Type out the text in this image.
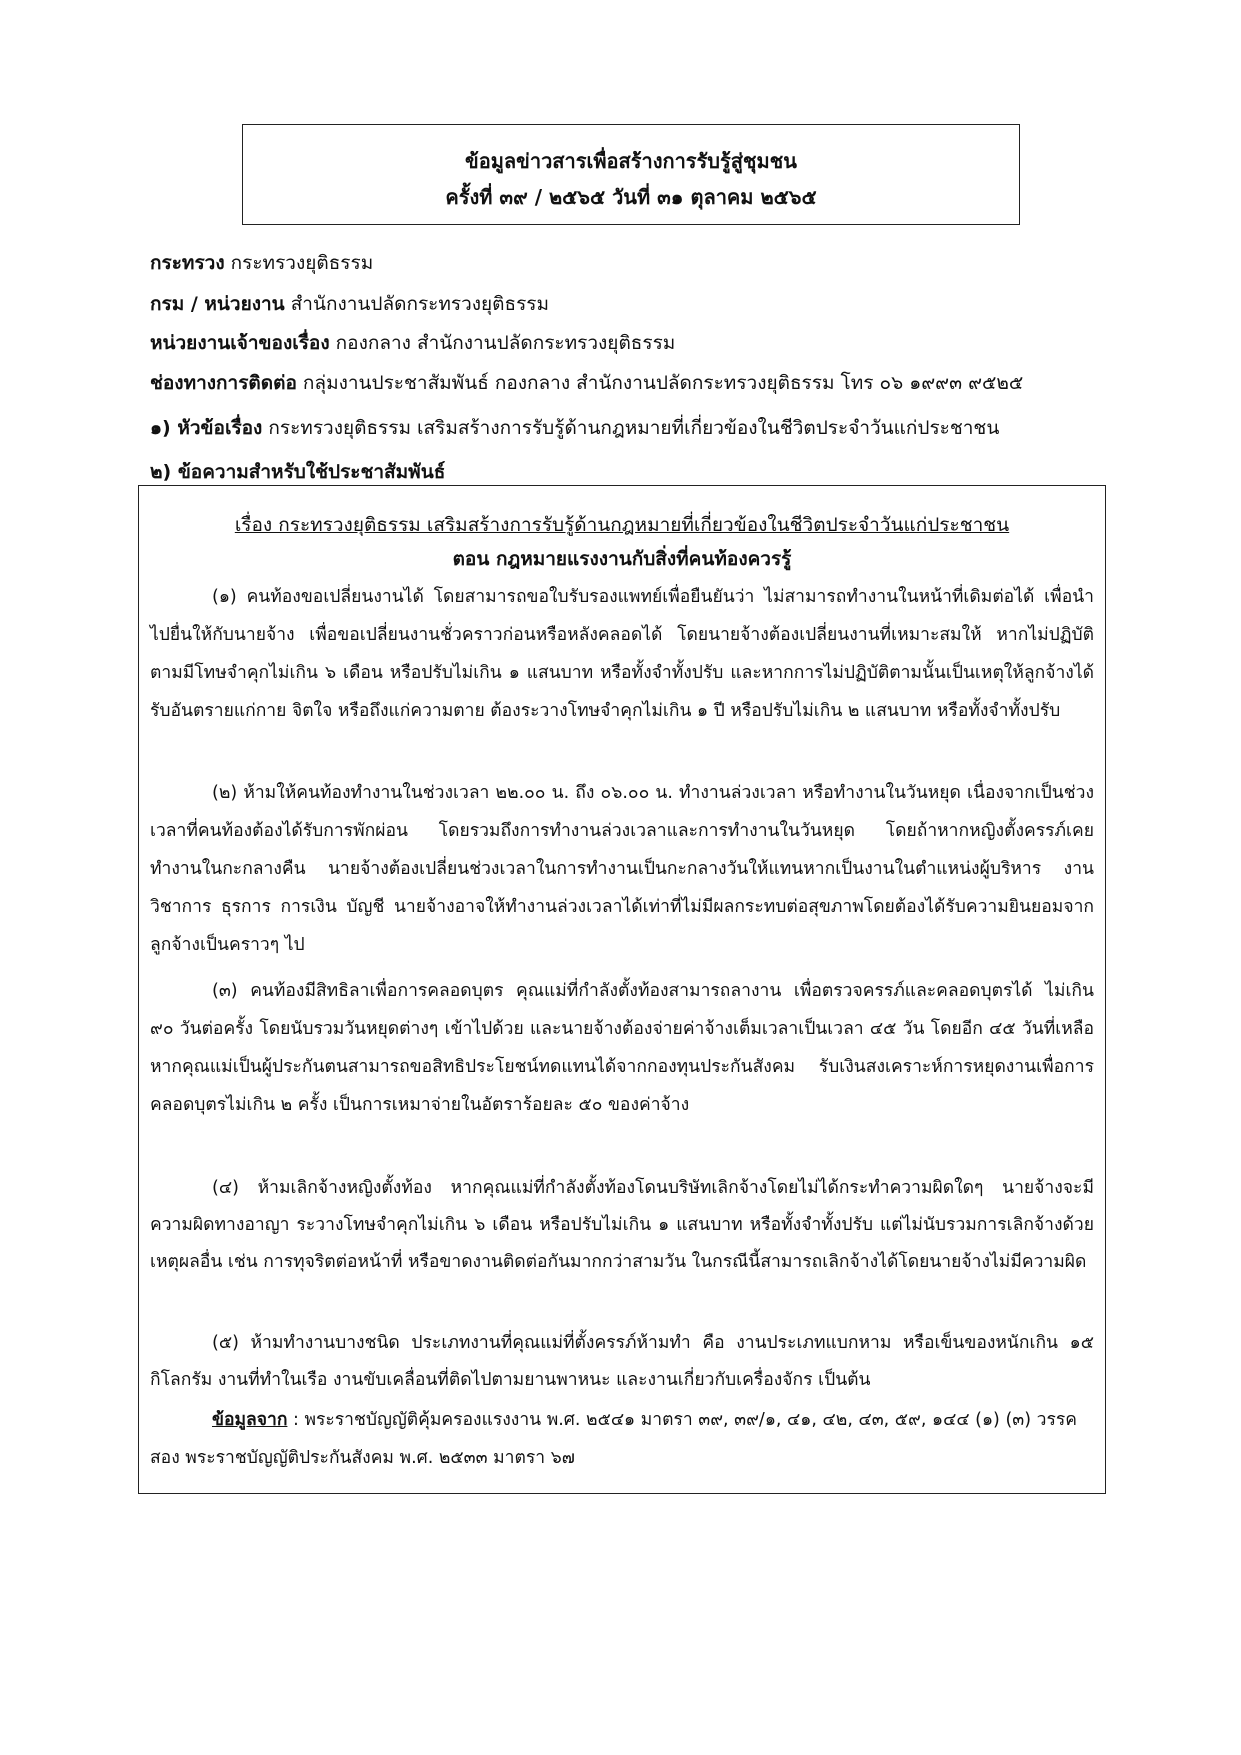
ข้อมูลข่าวสารเพื่อสร้างการรับรู้สู่ชุมชน
ครั้งที่ ๓๙ / ๒๕๖๕ วันที่ ๓๑ ตุลาคม ๒๕๖๕
กระทรวง กระทรวงยุติธรรม
กรม / หน่วยงาน สำนักงานปลัดกระทรวงยุติธรรม
หน่วยงานเจ้าของเรื่อง กองกลาง สำนักงานปลัดกระทรวงยุติธรรม
ช่องทางการติดต่อ กลุ่มงานประชาสัมพันธ์ กองกลาง สำนักงานปลัดกระทรวงยุติธรรม โทร ๐๖ ๑๙๙๓ ๙๕๒๕
๑) หัวข้อเรื่อง กระทรวงยุติธรรม เสริมสร้างการรับรู้ด้านกฎหมายที่เกี่ยวข้องในชีวิตประจำวันแก่ประชาชน
๒) ข้อความสำหรับใช้ประชาสัมพันธ์
เรื่อง กระทรวงยุติธรรม เสริมสร้างการรับรู้ด้านกฎหมายที่เกี่ยวข้องในชีวิตประจำวันแก่ประชาชน
ตอน กฎหมายแรงงานกับสิ่งที่คนท้องควรรู้
(๑) คนท้องขอเปลี่ยนงานได้ โดยสามารถขอใบรับรองแพทย์เพื่อยืนยันว่า ไม่สามารถทำงานในหน้าที่เดิมต่อได้ เพื่อนำไปยื่นให้กับนายจ้าง เพื่อขอเปลี่ยนงานชั่วคราวก่อนหรือหลังคลอดได้ โดยนายจ้างต้องเปลี่ยนงานที่เหมาะสมให้ หากไม่ปฏิบัติตามมีโทษจำคุกไม่เกิน ๖ เดือน หรือปรับไม่เกิน ๑ แสนบาท หรือทั้งจำทั้งปรับ และหากการไม่ปฏิบัติตามนั้นเป็นเหตุให้ลูกจ้างได้รับอันตรายแก่กาย จิตใจ หรือถึงแก่ความตาย ต้องระวางโทษจำคุกไม่เกิน ๑ ปี หรือปรับไม่เกิน ๒ แสนบาท หรือทั้งจำทั้งปรับ
(๒) ห้ามให้คนท้องทำงานในช่วงเวลา ๒๒.๐๐ น. ถึง ๐๖.๐๐ น. ทำงานล่วงเวลา หรือทำงานในวันหยุด เนื่องจากเป็นช่วงเวลาที่คนท้องต้องได้รับการพักผ่อน โดยรวมถึงการทำงานล่วงเวลาและการทำงานในวันหยุด โดยถ้าหากหญิงตั้งครรภ์เคยทำงานในกะกลางคืน นายจ้างต้องเปลี่ยนช่วงเวลาในการทำงานเป็นกะกลางวันให้แทนหากเป็นงานในตำแหน่งผู้บริหาร งานวิชาการ ธุรการ การเงิน บัญชี นายจ้างอาจให้ทำงานล่วงเวลาได้เท่าที่ไม่มีผลกระทบต่อสุขภาพโดยต้องได้รับความยินยอมจากลูกจ้างเป็นคราวๆ ไป
(๓) คนท้องมีสิทธิลาเพื่อการคลอดบุตร คุณแม่ที่กำลังตั้งท้องสามารถลางาน เพื่อตรวจครรภ์และคลอดบุตรได้ ไม่เกิน ๙๐ วันต่อครั้ง โดยนับรวมวันหยุดต่างๆ เข้าไปด้วย และนายจ้างต้องจ่ายค่าจ้างเต็มเวลาเป็นเวลา ๔๕ วัน โดยอีก ๔๕ วันที่เหลือ หากคุณแม่เป็นผู้ประกันตนสามารถขอสิทธิประโยชน์ทดแทนได้จากกองทุนประกันสังคม รับเงินสงเคราะห์การหยุดงานเพื่อการคลอดบุตรไม่เกิน ๒ ครั้ง เป็นการเหมาจ่ายในอัตราร้อยละ ๕๐ ของค่าจ้าง
(๔) ห้ามเลิกจ้างหญิงตั้งท้อง หากคุณแม่ที่กำลังตั้งท้องโดนบริษัทเลิกจ้างโดยไม่ได้กระทำความผิดใดๆ นายจ้างจะมีความผิดทางอาญา ระวางโทษจำคุกไม่เกิน ๖ เดือน หรือปรับไม่เกิน ๑ แสนบาท หรือทั้งจำทั้งปรับ แต่ไม่นับรวมการเลิกจ้างด้วยเหตุผลอื่น เช่น การทุจริตต่อหน้าที่ หรือขาดงานติดต่อกันมากกว่าสามวัน ในกรณีนี้สามารถเลิกจ้างได้โดยนายจ้างไม่มีความผิด
(๕) ห้ามทำงานบางชนิด ประเภทงานที่คุณแม่ที่ตั้งครรภ์ห้ามทำ คือ งานประเภทแบกหาม หรือเข็นของหนักเกิน ๑๕ กิโลกรัม งานที่ทำในเรือ งานขับเคลื่อนที่ติดไปตามยานพาหนะ และงานเกี่ยวกับเครื่องจักร เป็นต้น
ข้อมูลจาก : พระราชบัญญัติคุ้มครองแรงงาน พ.ศ. ๒๕๔๑ มาตรา ๓๙, ๓๙/๑, ๔๑, ๔๒, ๔๓, ๕๙, ๑๔๔ (๑) (๓) วรรคสอง พระราชบัญญัติประกันสังคม พ.ศ. ๒๕๓๓ มาตรา ๖๗
